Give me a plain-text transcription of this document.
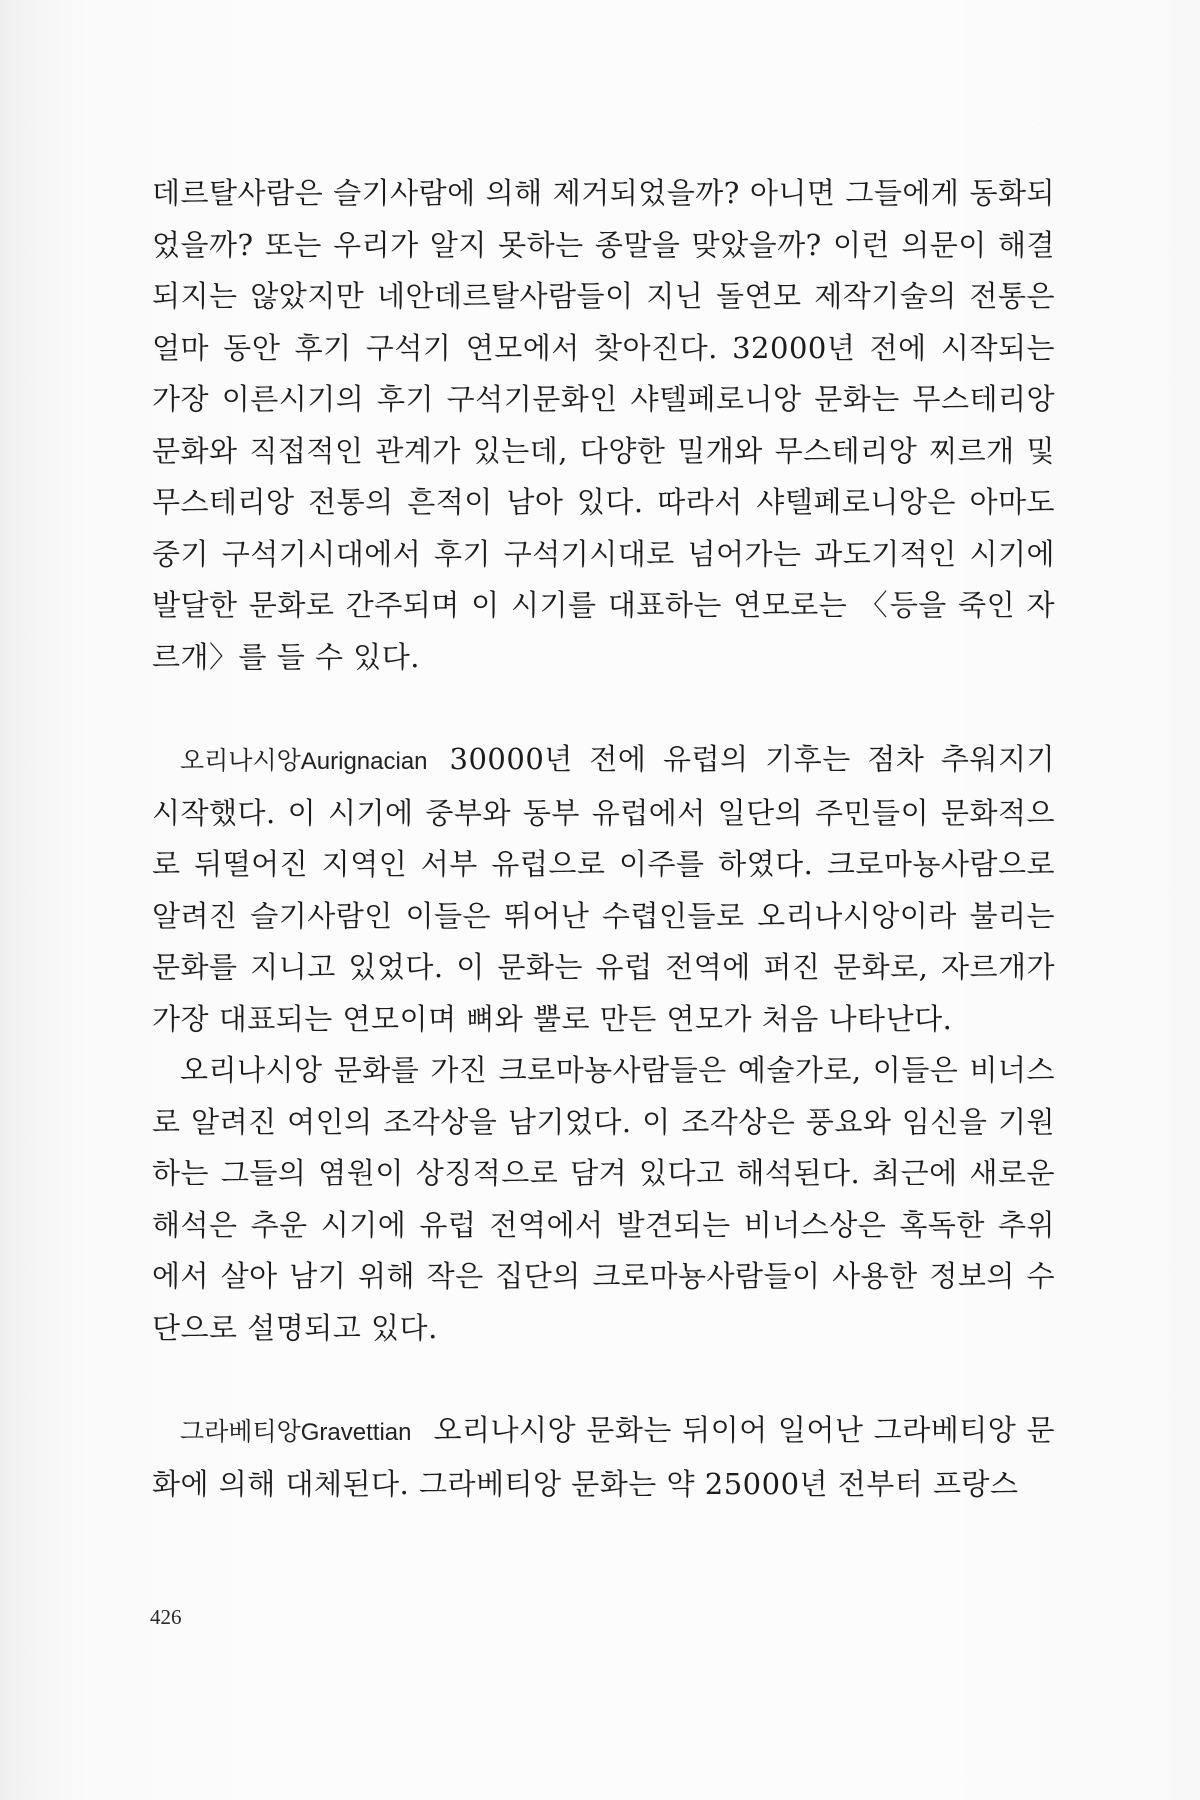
데르탈사람은 슬기사람에 의해 제거되었을까? 아니면 그들에게 동화되었을까? 또는 우리가 알지 못하는 종말을 맞았을까? 이런 의문이 해결되지는 않았지만 네안데르탈사람들이 지닌 돌연모 제작기술의 전통은 얼마 동안 후기 구석기 연모에서 찾아진다. 32000년 전에 시작되는 가장 이른시기의 후기 구석기문화인 샤텔페로니앙 문화는 무스테리앙 문화와 직접적인 관계가 있는데, 다양한 밀개와 무스테리앙 찌르개 및 무스테리앙 전통의 흔적이 남아 있다. 따라서 샤텔페로니앙은 아마도 중기 구석기시대에서 후기 구석기시대로 넘어가는 과도기적인 시기에 발달한 문화로 간주되며 이 시기를 대표하는 연모로는 〈등을 죽인 자르개〉를 들 수 있다.

오리나시앙Aurignacian 30000년 전에 유럽의 기후는 점차 추워지기 시작했다. 이 시기에 중부와 동부 유럽에서 일단의 주민들이 문화적으로 뒤떨어진 지역인 서부 유럽으로 이주를 하였다. 크로마뇽사람으로 알려진 슬기사람인 이들은 뛰어난 수렵인들로 오리나시앙이라 불리는 문화를 지니고 있었다. 이 문화는 유럽 전역에 퍼진 문화로, 자르개가 가장 대표되는 연모이며 뼈와 뿔로 만든 연모가 처음 나타난다.

오리나시앙 문화를 가진 크로마뇽사람들은 예술가로, 이들은 비너스로 알려진 여인의 조각상을 남기었다. 이 조각상은 풍요와 임신을 기원하는 그들의 염원이 상징적으로 담겨 있다고 해석된다. 최근에 새로운 해석은 추운 시기에 유럽 전역에서 발견되는 비너스상은 혹독한 추위에서 살아 남기 위해 작은 집단의 크로마뇽사람들이 사용한 정보의 수단으로 설명되고 있다.

그라베티앙Gravettian 오리나시앙 문화는 뒤이어 일어난 그라베티앙 문화에 의해 대체된다. 그라베티앙 문화는 약 25000년 전부터 프랑스

426
